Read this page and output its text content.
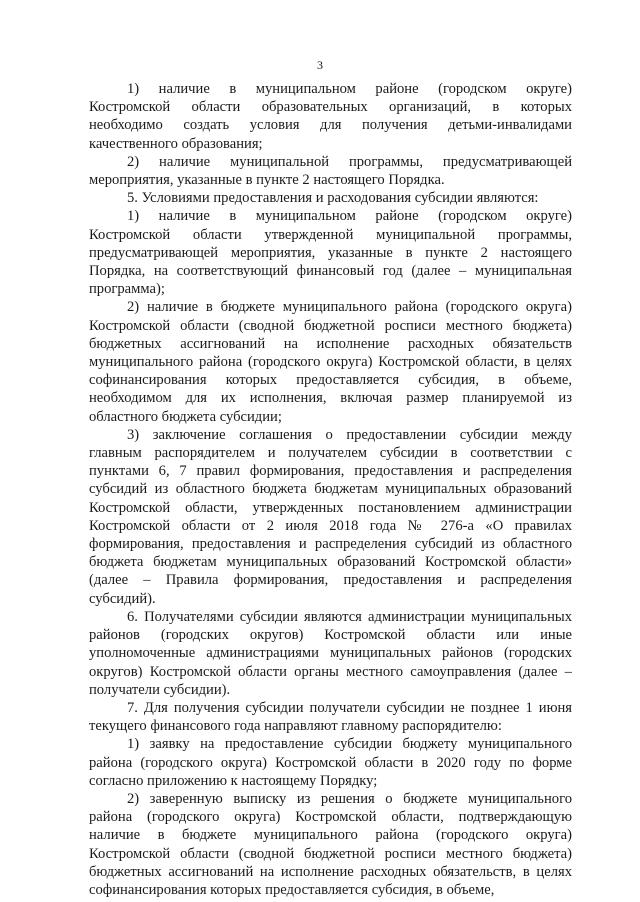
3
1) наличие в муниципальном районе (городском округе)
Костромской области образовательных организаций, в которых
необходимо создать условия для получения детьми-инвалидами
качественного образования;
2) наличие муниципальной программы, предусматривающей
мероприятия, указанные в пункте 2 настоящего Порядка.
5. Условиями предоставления и расходования субсидии являются:
1) наличие в муниципальном районе (городском округе)
Костромской области утвержденной муниципальной программы,
предусматривающей мероприятия, указанные в пункте 2 настоящего
Порядка, на соответствующий финансовый год (далее – муниципальная
программа);
2) наличие в бюджете муниципального района (городского округа)
Костромской области (сводной бюджетной росписи местного бюджета)
бюджетных ассигнований на исполнение расходных обязательств
муниципального района (городского округа) Костромской области, в целях
софинансирования которых предоставляется субсидия, в объеме,
необходимом для их исполнения, включая размер планируемой из
областного бюджета субсидии;
3) заключение соглашения о предоставлении субсидии между
главным распорядителем и получателем субсидии в соответствии с
пунктами 6, 7 правил формирования, предоставления и распределения
субсидий из областного бюджета бюджетам муниципальных образований
Костромской области, утвержденных постановлением администрации
Костромской области от 2 июля 2018 года № 276-а «О правилах
формирования, предоставления и распределения субсидий из областного
бюджета бюджетам муниципальных образований Костромской области»
(далее – Правила формирования, предоставления и распределения
субсидий).
6. Получателями субсидии являются администрации муниципальных
районов (городских округов) Костромской области или иные
уполномоченные администрациями муниципальных районов (городских
округов) Костромской области органы местного самоуправления (далее –
получатели субсидии).
7. Для получения субсидии получатели субсидии не позднее 1 июня
текущего финансового года направляют главному распорядителю:
1) заявку на предоставление субсидии бюджету муниципального
района (городского округа) Костромской области в 2020 году по форме
согласно приложению к настоящему Порядку;
2) заверенную выписку из решения о бюджете муниципального
района (городского округа) Костромской области, подтверждающую
наличие в бюджете муниципального района (городского округа)
Костромской области (сводной бюджетной росписи местного бюджета)
бюджетных ассигнований на исполнение расходных обязательств, в целях
софинансирования которых предоставляется субсидия, в объеме,
